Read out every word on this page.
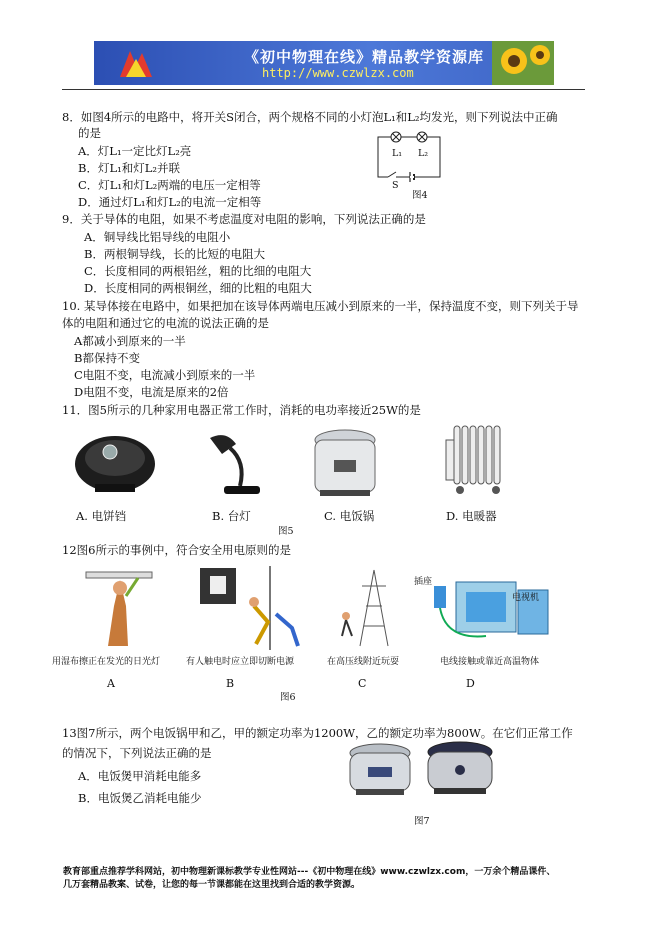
《初中物理在线》精品教学资源库
http://www.czwlzx.com
8．如图4所示的电路中，将开关S闭合，两个规格不同的小灯泡L₁和L₂均发光，则下列说法中正确
的是
A．灯L₁一定比灯L₂亮
B．灯L₁和灯L₂并联
C．灯L₁和灯L₂两端的电压一定相等
D．通过灯L₁和灯L₂的电流一定相等
L₁ L₂
S
图4
9．关于导体的电阻，如果不考虑温度对电阻的影响，下列说法正确的是
A．铜导线比铝导线的电阻小
B．两根铜导线，长的比短的电阻大
C．长度相同的两根铝丝，粗的比细的电阻大
D．长度相同的两根铜丝，细的比粗的电阻大
10. 某导体接在电路中，如果把加在该导体两端电压减小到原来的一半，保持温度不变，则下列关于导
体的电阻和通过它的电流的说法正确的是
A都减小到原来的一半
B都保持不变
C电阻不变，电流减小到原来的一半
D电阻不变，电流是原来的2倍
11．图5所示的几种家用电器正常工作时，消耗的电功率接近25W的是
A. 电饼铛	B. 台灯	C. 电饭锅	D. 电暖器
图5
12图6所示的事例中，符合安全用电原则的是
插座
电视机
用湿布擦正在发光的日光灯	有人触电时应立即切断电源	在高压线附近玩耍	电线接触或靠近高温物体
A	B	C	D
图6
13图7所示，两个电饭锅甲和乙，甲的额定功率为1200W，乙的额定功率为800W。在它们正常工作
的情况下，下列说法正确的是
A．电饭煲甲消耗电能多
B．电饭煲乙消耗电能少
图7
教育部重点推荐学科网站，初中物理新课标教学专业性网站---《初中物理在线》www.czwlzx.com，一万余个精品课件、
几万套精品教案、试卷，让您的每一节课都能在这里找到合适的教学资源。
